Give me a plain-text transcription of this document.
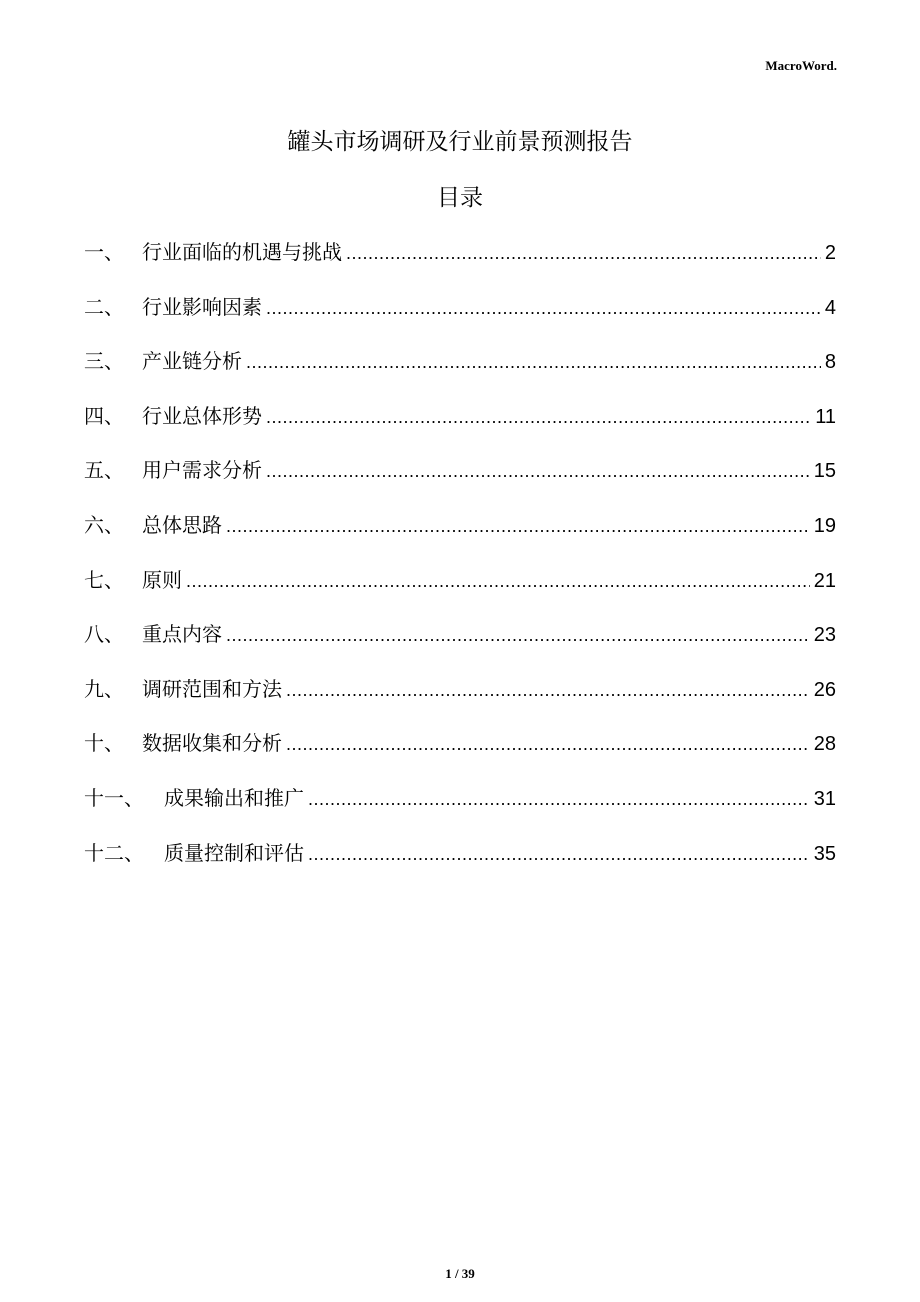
MacroWord.
罐头市场调研及行业前景预测报告
目录
一、 行业面临的机遇与挑战 .....	2
二、 行业影响因素 .....	4
三、 产业链分析 .....	8
四、 行业总体形势 .....	11
五、 用户需求分析 .....	15
六、 总体思路 .....	19
七、 原则 .....	21
八、 重点内容 .....	23
九、 调研范围和方法 .....	26
十、 数据收集和分析 .....	28
十一、	成果输出和推广 .....	31
十二、	质量控制和评估 .....	35
1 / 39
